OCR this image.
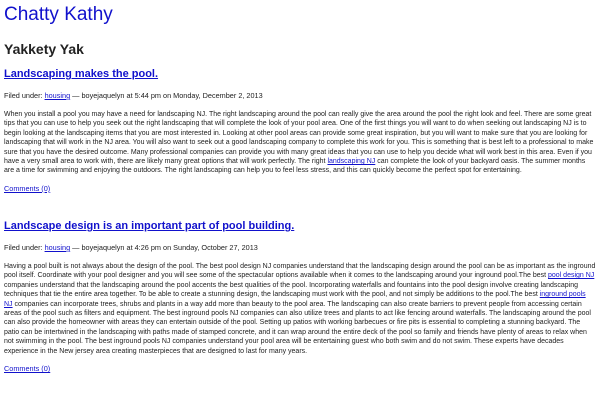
Chatty Kathy
Yakkety Yak
Landscaping makes the pool.
Filed under: housing — boyejaquelyn at 5:44 pm on Monday, December 2, 2013
When you install a pool you may have a need for landscaping NJ. The right landscaping around the pool can really give the area around the pool the right look and feel. There are some great tips that you can use to help you seek out the right landscaping that will complete the look of your pool area. One of the first things you will want to do when seeking out landscaping NJ is to begin looking at the landscaping items that you are most interested in. Looking at other pool areas can provide some great inspiration, but you will want to make sure that you are looking for landscaping that will work in the NJ area. You will also want to seek out a good landscaping company to complete this work for you. This is something that is best left to a professional to make sure that you have the desired outcome. Many professional companies can provide you with many great ideas that you can use to help you decide what will work best in this area. Even if you have a very small area to work with, there are likely many great options that will work perfectly. The right landscaping NJ can complete the look of your backyard oasis. The summer months are a time for swimming and enjoying the outdoors. The right landscaping can help you to feel less stress, and this can quickly become the perfect spot for entertaining.
Comments (0)
Landscape design is an important part of pool building.
Filed under: housing — boyejaquelyn at 4:26 pm on Sunday, October 27, 2013
Having a pool built is not always about the design of the pool. The best pool design NJ companies understand that the landscaping design around the pool can be as important as the inground pool itself. Coordinate with your pool designer and you will see some of the spectacular options available when it comes to the landscaping around your inground pool.The best pool design NJ companies understand that the landscaping around the pool accents the best qualities of the pool. Incorporating waterfalls and fountains into the pool design involve creating landscaping techniques that tie the entire area together. To be able to create a stunning design, the landscaping must work with the pool, and not simply be additions to the pool.The best inground pools NJ companies can incorporate trees, shrubs and plants in a way add more than beauty to the pool area. The landscaping can also create barriers to prevent people from accessing certain areas of the pool such as filters and equipment. The best inground pools NJ companies can also utilize trees and plants to act like fencing around waterfalls. The landscaping around the pool can also provide the homeowner with areas they can entertain outside of the pool. Setting up patios with working barbecues or fire pits is essential to completing a stunning backyard. The patio can be intertwined in the landscaping with paths made of stamped concrete, and it can wrap around the entire deck of the pool so family and friends have plenty of areas to relax when not swimming in the pool. The best inground pools NJ companies understand your pool area will be entertaining guest who both swim and do not swim. These experts have decades experience in the New jersey area creating masterpieces that are designed to last for many years.
Comments (0)
